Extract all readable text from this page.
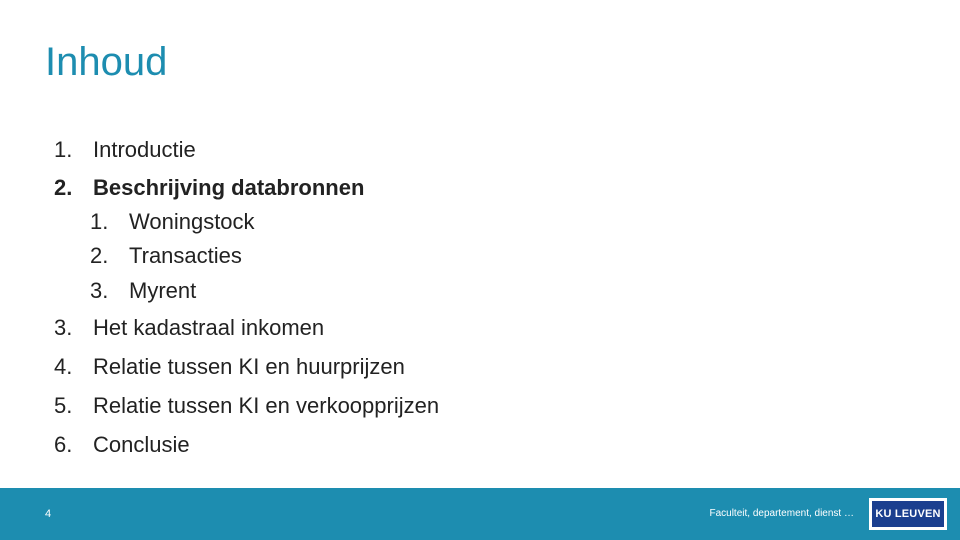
Inhoud
1. Introductie
2. Beschrijving databronnen
1. Woningstock
2. Transacties
3. Myrent
3. Het kadastraal inkomen
4. Relatie tussen KI en huurprijzen
5. Relatie tussen KI en verkoopprijzen
6. Conclusie
4	Faculteit, departement, dienst …	KU LEUVEN
